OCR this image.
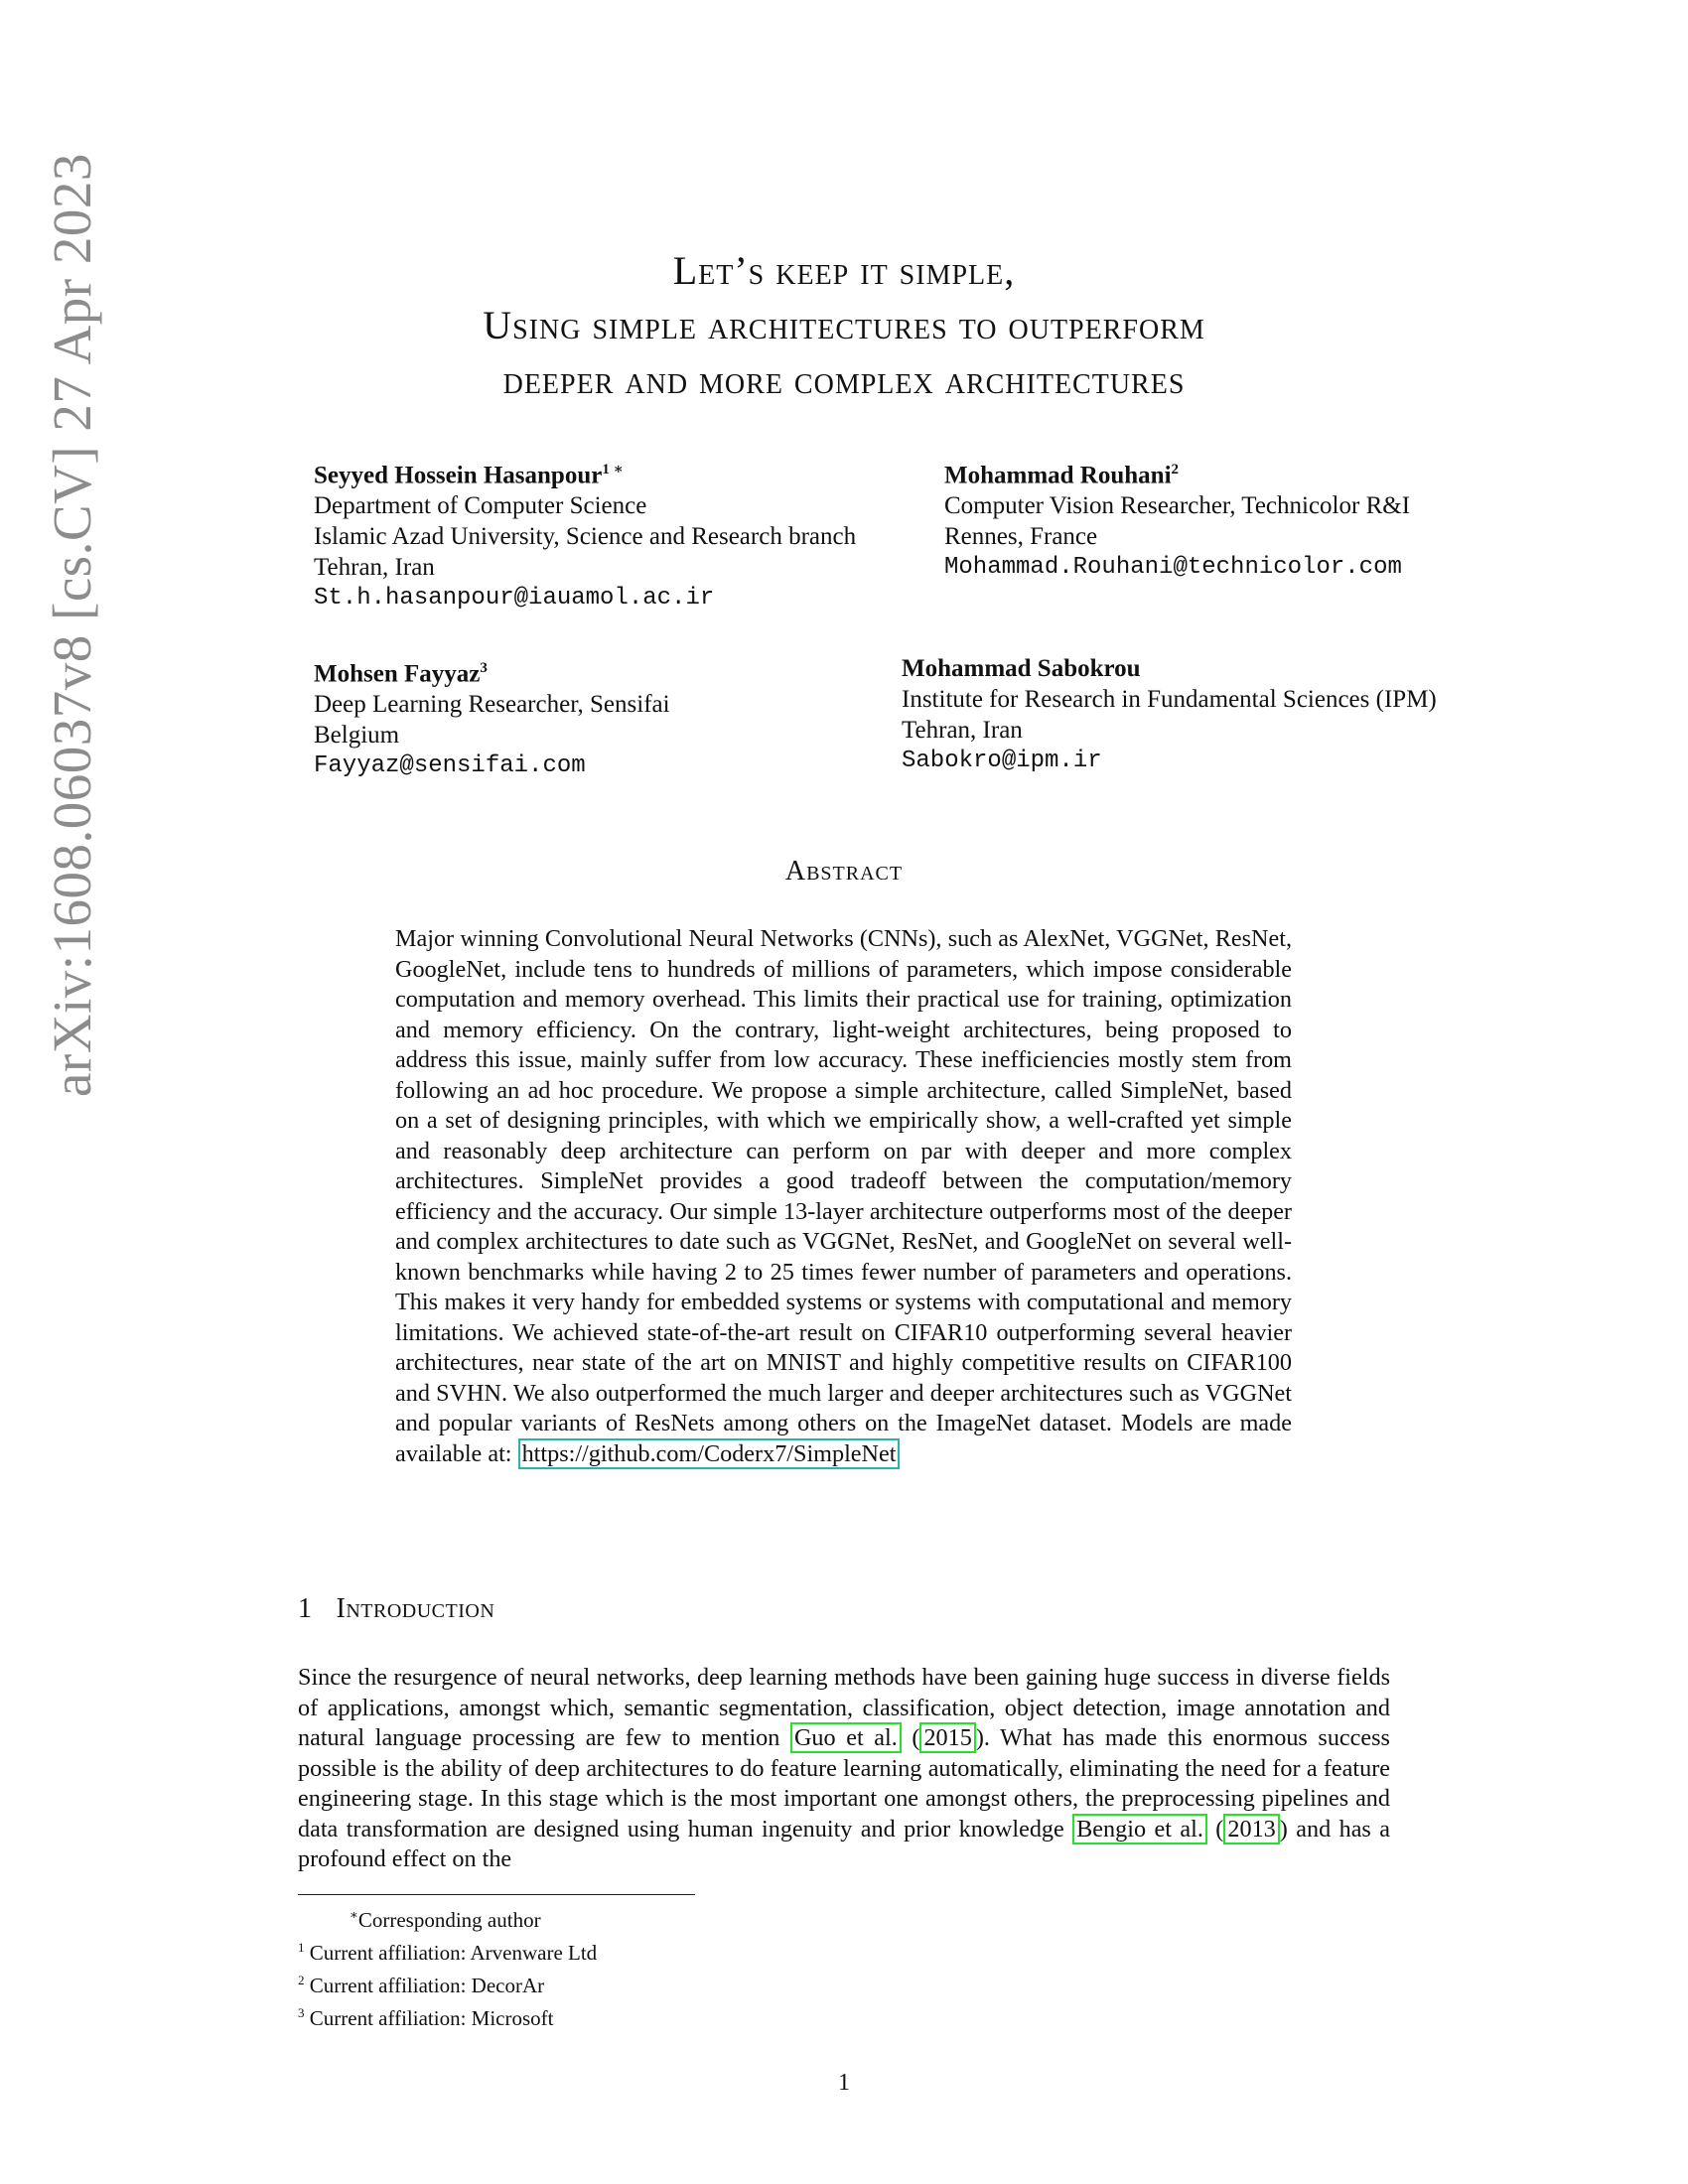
arXiv:1608.06037v8 [cs.CV] 27 Apr 2023	Let’s keep it simple,
Using simple architectures to outperform
deeper and more complex architectures
Seyyed Hossein Hasanpour$^{1 ∗}$
Department of Computer Science
Islamic Azad University, Science and Research branch
Tehran, Iran
St.h.hasanpour@iauamol.ac.ir
Mohammad Rouhani$^2$
Computer Vision Researcher, Technicolor R&I
Rennes, France
Mohammad.Rouhani@technicolor.com
Mohsen Fayyaz$^3$
Deep Learning Researcher, Sensifai
Belgium
Fayyaz@sensifai.com
Mohammad Sabokrou
Institute for Research in Fundamental Sciences (IPM)
Tehran, Iran
Sabokro@ipm.ir
Abstract
Major winning Convolutional Neural Networks (CNNs), such as AlexNet, VGGNet, ResNet, GoogleNet, include tens to hundreds of millions of parameters, which impose considerable computation and memory overhead. This limits their practical use for training, optimization and memory efficiency. On the contrary, light-weight architectures, being proposed to address this issue, mainly suffer from low accuracy. These inefficiencies mostly stem from following an ad hoc procedure. We propose a simple architecture, called SimpleNet, based on a set of designing principles, with which we empirically show, a well-crafted yet simple and reasonably deep architecture can perform on par with deeper and more complex architectures. SimpleNet provides a good tradeoff between the computation/memory efficiency and the accuracy. Our simple 13-layer architecture outperforms most of the deeper and complex architectures to date such as VGGNet, ResNet, and GoogleNet on several well-known benchmarks while having 2 to 25 times fewer number of parameters and operations. This makes it very handy for embedded systems or systems with computational and memory limitations. We achieved state-of-the-art result on CIFAR10 outperforming several heavier architectures, near state of the art on MNIST and highly competitive results on CIFAR100 and SVHN. We also outperformed the much larger and deeper architectures such as VGGNet and popular variants of ResNets among others on the ImageNet dataset. Models are made available at: https://github.com/Coderx7/SimpleNet
1 Introduction
Since the resurgence of neural networks, deep learning methods have been gaining huge success in diverse fields of applications, amongst which, semantic segmentation, classification, object detection, image annotation and natural language processing are few to mention Guo et al. ( 2015 ). What has made this enormous success possible is the ability of deep architectures to do feature learning automatically, eliminating the need for a feature engineering stage. In this stage which is the most important one amongst others, the preprocessing pipelines and data transformation are designed using human ingenuity and prior knowledge Bengio et al. ( 2013 ) and has a profound effect on the
∗Corresponding author
$^1$ Current affiliation: Arvenware Ltd
$^2$ Current affiliation: DecorAr
$^3$ Current affiliation: Microsoft
1
